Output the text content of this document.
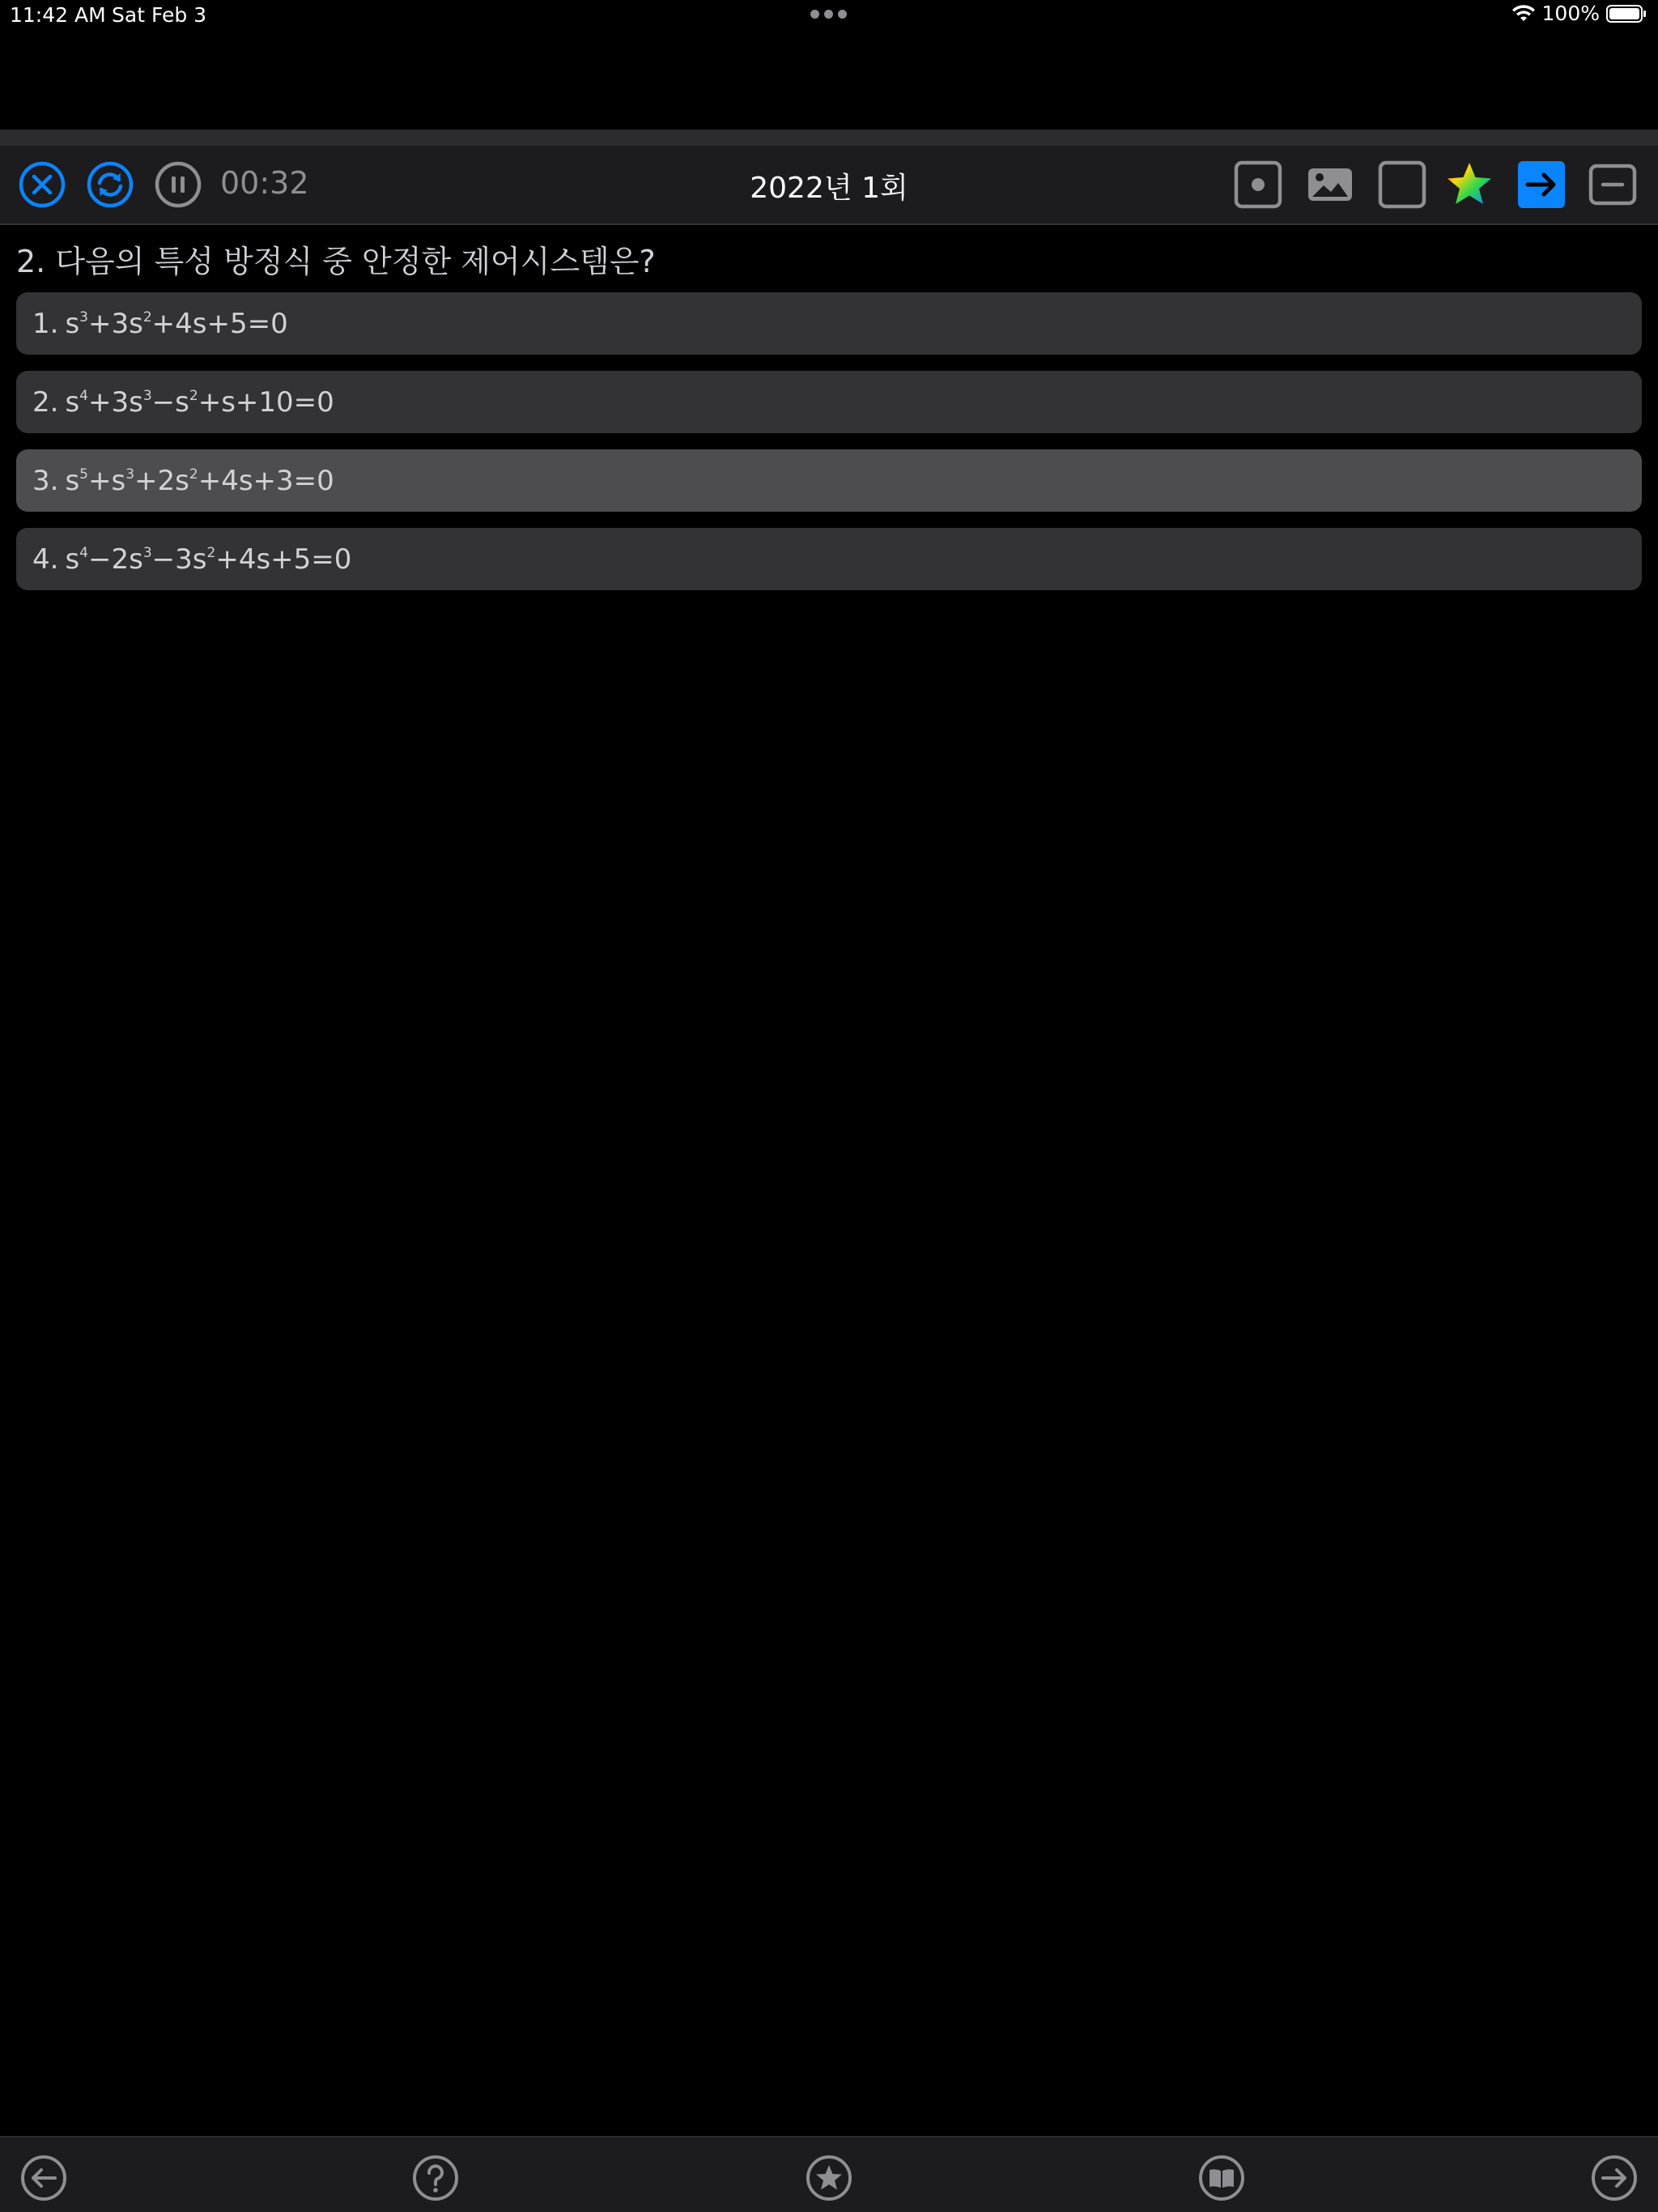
11:42 AM Sat Feb 3	100%
00:32	2022년 1회
2. 다음의 특성 방정식 중 안정한 제어시스템은?
1. $s^3+3s^2+4s+5=0$
2. $s^4+3s^3-s^2+s+10=0$
3. $s^5+s^3+2s^2+4s+3=0$
4. $s^4-2s^3-3s^2+4s+5=0$
